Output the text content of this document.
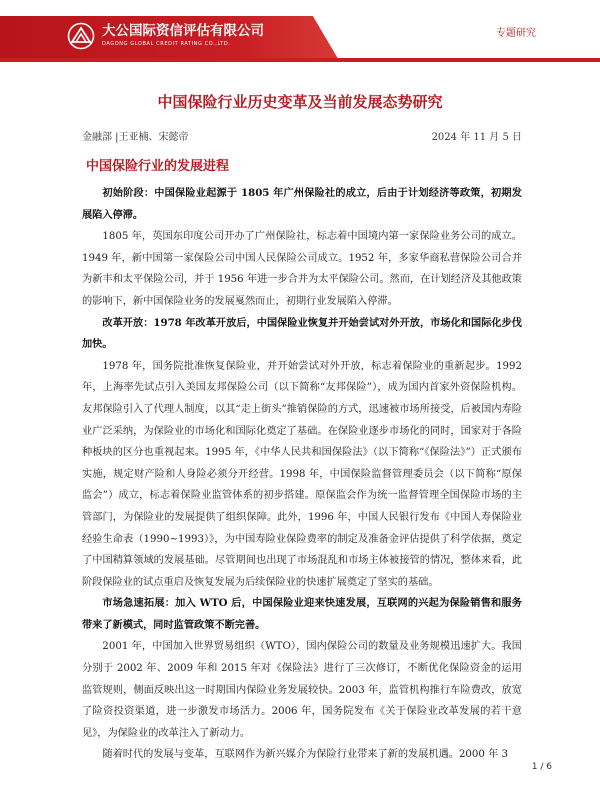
大公国际资信评估有限公司
DAGONG GLOBAL CREDIT RATING CO.,LTD.
专题研究
中国保险行业历史变革及当前发展态势研究
金融部 |王亚楠、宋懿帝	2024 年 11 月 5 日
中国保险行业的发展进程

初始阶段：中国保险业起源于 1805 年广州保险社的成立，后由于计划经济等政策，初期发展陷入停滞。

1805 年，英国东印度公司开办了广州保险社，标志着中国境内第一家保险业务公司的成立。1949 年，新中国第一家保险公司中国人民保险公司成立。1952 年，多家华商私营保险公司合并为新丰和太平保险公司，并于 1956 年进一步合并为太平保险公司。然而，在计划经济及其他政策的影响下，新中国保险业务的发展戛然而止，初期行业发展陷入停滞。

改革开放：1978 年改革开放后，中国保险业恢复并开始尝试对外开放，市场化和国际化步伐加快。

1978 年，国务院批准恢复保险业，并开始尝试对外开放，标志着保险业的重新起步。1992 年，上海率先试点引入美国友邦保险公司（以下简称“友邦保险”），成为国内首家外资保险机构。友邦保险引入了代理人制度，以其“走上街头”推销保险的方式，迅速被市场所接受，后被国内寿险业广泛采纳，为保险业的市场化和国际化奠定了基础。在保险业逐步市场化的同时，国家对于各险种板块的区分也重视起来。1995 年，《中华人民共和国保险法》（以下简称“《保险法》”）正式颁布实施，规定财产险和人身险必须分开经营。1998 年，中国保险监督管理委员会（以下简称“原保监会”）成立，标志着保险业监管体系的初步搭建。原保监会作为统一监督管理全国保险市场的主管部门，为保险业的发展提供了组织保障。此外，1996 年，中国人民银行发布《中国人寿保险业经验生命表（1990~1993）》，为中国寿险业保险费率的制定及准备金评估提供了科学依据，奠定了中国精算领域的发展基础。尽管期间也出现了市场混乱和市场主体被接管的情况，整体来看，此阶段保险业的试点重启及恢复发展为后续保险业的快速扩展奠定了坚实的基础。

市场急速拓展：加入 WTO 后，中国保险业迎来快速发展，互联网的兴起为保险销售和服务带来了新模式，同时监管政策不断完善。

2001 年，中国加入世界贸易组织（WTO），国内保险公司的数量及业务规模迅速扩大。我国分别于 2002 年、2009 年和 2015 年对《保险法》进行了三次修订，不断优化保险资金的运用监管规则，侧面反映出这一时期国内保险业务发展较快。2003 年，监管机构推行车险费改，放宽了险资投资渠道，进一步激发市场活力。2006 年，国务院发布《关于保险业改革发展的若干意见》，为保险业的改革注入了新动力。

随着时代的发展与变革，互联网作为新兴媒介为保险行业带来了新的发展机遇。2000 年 3

1 / 6
